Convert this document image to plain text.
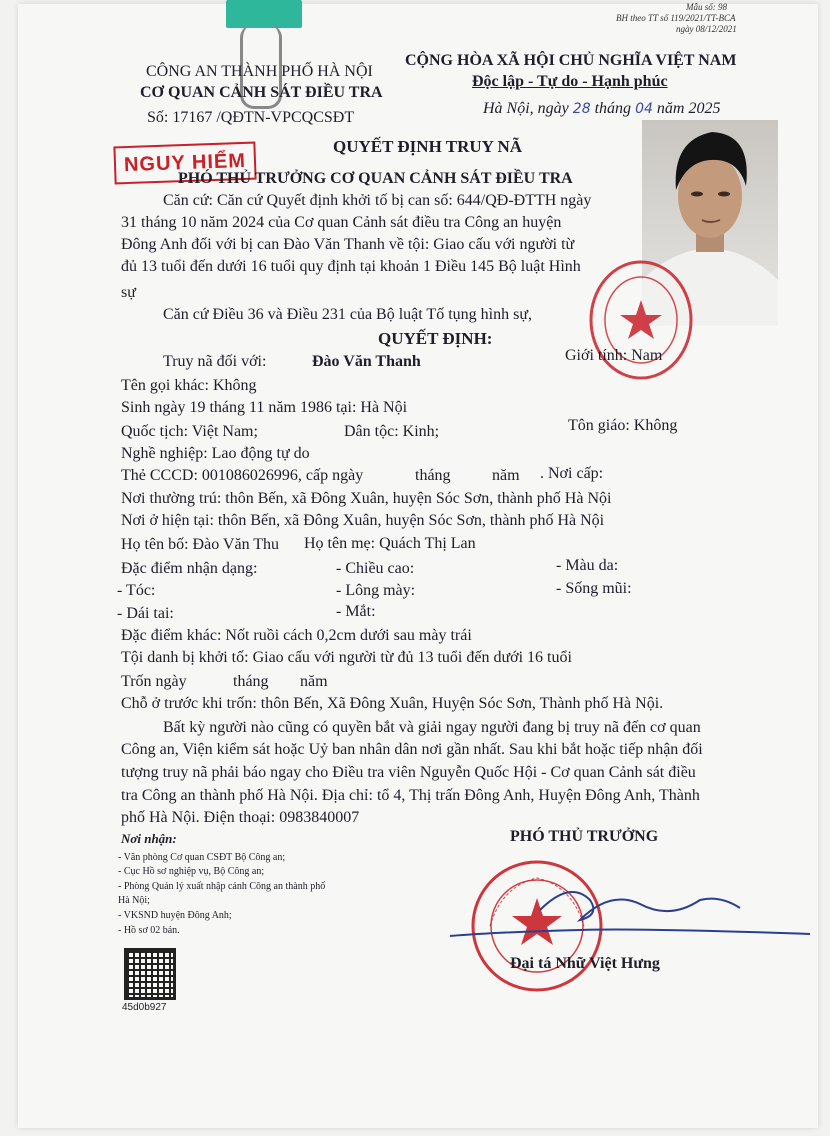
Mẫu số: 98
BH theo TT số 119/2021/TT-BCA
ngày 08/12/2021
CÔNG AN THÀNH PHỐ HÀ NỘI
CƠ QUAN CẢNH SÁT ĐIỀU TRA
Số: 17167 /QĐTN-VPCQCSĐT
CỘNG HÒA XÃ HỘI CHỦ NGHĨA VIỆT NAM
Độc lập - Tự do - Hạnh phúc
Hà Nội, ngày 28 tháng 04 năm 2025
NGUY HIỂM
QUYẾT ĐỊNH TRUY NÃ
PHÓ THỦ TRƯỞNG CƠ QUAN CẢNH SÁT ĐIỀU TRA
Căn cứ: Căn cứ Quyết định khởi tố bị can số: 644/QĐ-ĐTTH ngày
31 tháng 10 năm 2024 của Cơ quan Cảnh sát điều tra Công an huyện
Đông Anh đối với bị can Đào Văn Thanh về tội: Giao cấu với người từ
đủ 13 tuổi đến dưới 16 tuổi quy định tại khoản 1 Điều 145 Bộ luật Hình
sự
Căn cứ Điều 36 và Điều 231 của Bộ luật Tố tụng hình sự,
QUYẾT ĐỊNH:
Truy nã đối với:	Đào Văn Thanh	Giới tính: Nam
Tên gọi khác: Không
Sinh ngày 19 tháng 11 năm 1986 tại: Hà Nội
Quốc tịch: Việt Nam;	Dân tộc: Kinh;	Tôn giáo: Không
Nghề nghiệp: Lao động tự do
Thẻ CCCD: 001086026996, cấp ngày	tháng	năm . Nơi cấp:
Nơi thường trú: thôn Bến, xã Đông Xuân, huyện Sóc Sơn, thành phố Hà Nội
Nơi ở hiện tại: thôn Bến, xã Đông Xuân, huyện Sóc Sơn, thành phố Hà Nội
Họ tên bố: Đào Văn Thu Họ tên mẹ: Quách Thị Lan
Đặc điểm nhận dạng:	- Chiều cao:	- Màu da:
- Tóc:	- Lông mày:	- Sống mũi:
- Dái tai:	- Mắt:
Đặc điểm khác: Nốt ruồi cách 0,2cm dưới sau mày trái
Tội danh bị khởi tố: Giao cấu với người từ đủ 13 tuổi đến dưới 16 tuổi
Trốn ngày	tháng năm
Chỗ ở trước khi trốn: thôn Bến, Xã Đông Xuân, Huyện Sóc Sơn, Thành phố Hà Nội.
Bất kỳ người nào cũng có quyền bắt và giải ngay người đang bị truy nã đến cơ quan
Công an, Viện kiểm sát hoặc Uỷ ban nhân dân nơi gần nhất. Sau khi bắt hoặc tiếp nhận đối
tượng truy nã phải báo ngay cho Điều tra viên Nguyễn Quốc Hội - Cơ quan Cảnh sát điều
tra Công an thành phố Hà Nội. Địa chỉ: tổ 4, Thị trấn Đông Anh, Huyện Đông Anh, Thành
phố Hà Nội. Điện thoại: 0983840007
Nơi nhận:
- Văn phòng Cơ quan CSĐT Bộ Công an;
- Cục Hồ sơ nghiệp vụ, Bộ Công an;
- Phòng Quản lý xuất nhập cảnh Công an thành phố
Hà Nội;
- VKSND huyện Đông Anh;
- Hồ sơ 02 bản.
45d0b927
PHÓ THỦ TRƯỞNG
Đại tá Nhữ Việt Hưng
